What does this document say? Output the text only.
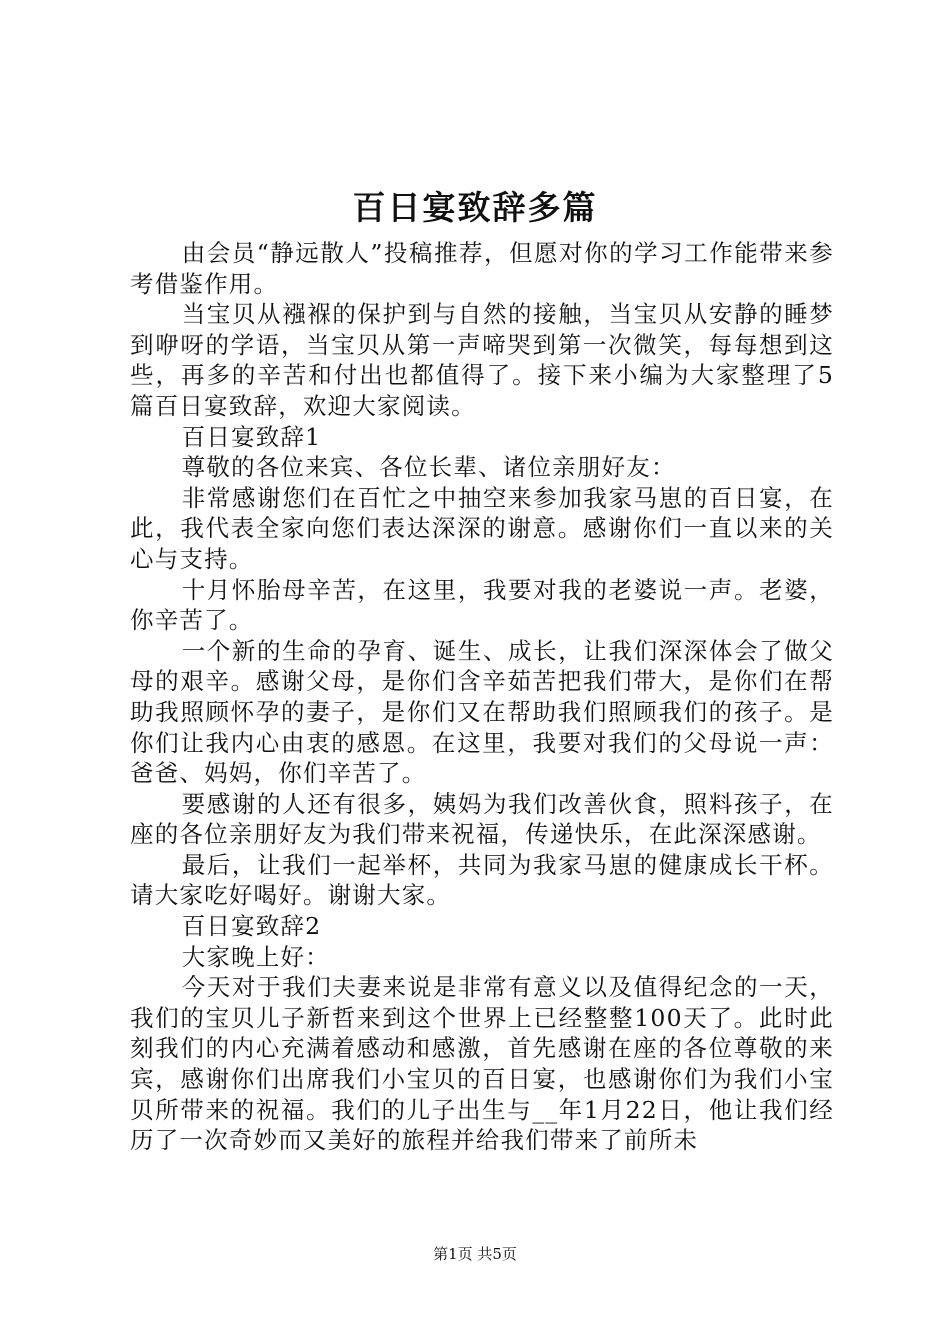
百日宴致辞多篇

由会员“静远散人”投稿推荐，但愿对你的学习工作能带来参考借鉴作用。

当宝贝从襁褓的保护到与自然的接触，当宝贝从安静的睡梦到咿呀的学语，当宝贝从第一声啼哭到第一次微笑，每每想到这些，再多的辛苦和付出也都值得了。接下来小编为大家整理了5篇百日宴致辞，欢迎大家阅读。

百日宴致辞1

尊敬的各位来宾、各位长辈、诸位亲朋好友：

非常感谢您们在百忙之中抽空来参加我家马崽的百日宴，在此，我代表全家向您们表达深深的谢意。感谢你们一直以来的关心与支持。

十月怀胎母辛苦，在这里，我要对我的老婆说一声。老婆，你辛苦了。

一个新的生命的孕育、诞生、成长，让我们深深体会了做父母的艰辛。感谢父母，是你们含辛茹苦把我们带大，是你们在帮助我照顾怀孕的妻子，是你们又在帮助我们照顾我们的孩子。是你们让我内心由衷的感恩。在这里，我要对我们的父母说一声：爸爸、妈妈，你们辛苦了。

要感谢的人还有很多，姨妈为我们改善伙食，照料孩子，在座的各位亲朋好友为我们带来祝福，传递快乐，在此深深感谢。

最后，让我们一起举杯，共同为我家马崽的健康成长干杯。请大家吃好喝好。谢谢大家。

百日宴致辞2

大家晚上好：

今天对于我们夫妻来说是非常有意义以及值得纪念的一天，我们的宝贝儿子新哲来到这个世界上已经整整100天了。此时此刻我们的内心充满着感动和感激，首先感谢在座的各位尊敬的来宾，感谢你们出席我们小宝贝的百日宴，也感谢你们为我们小宝贝所带来的祝福。我们的儿子出生与__年1月22日，他让我们经历了一次奇妙而又美好的旅程并给我们带来了前所未

第1页 共5页
